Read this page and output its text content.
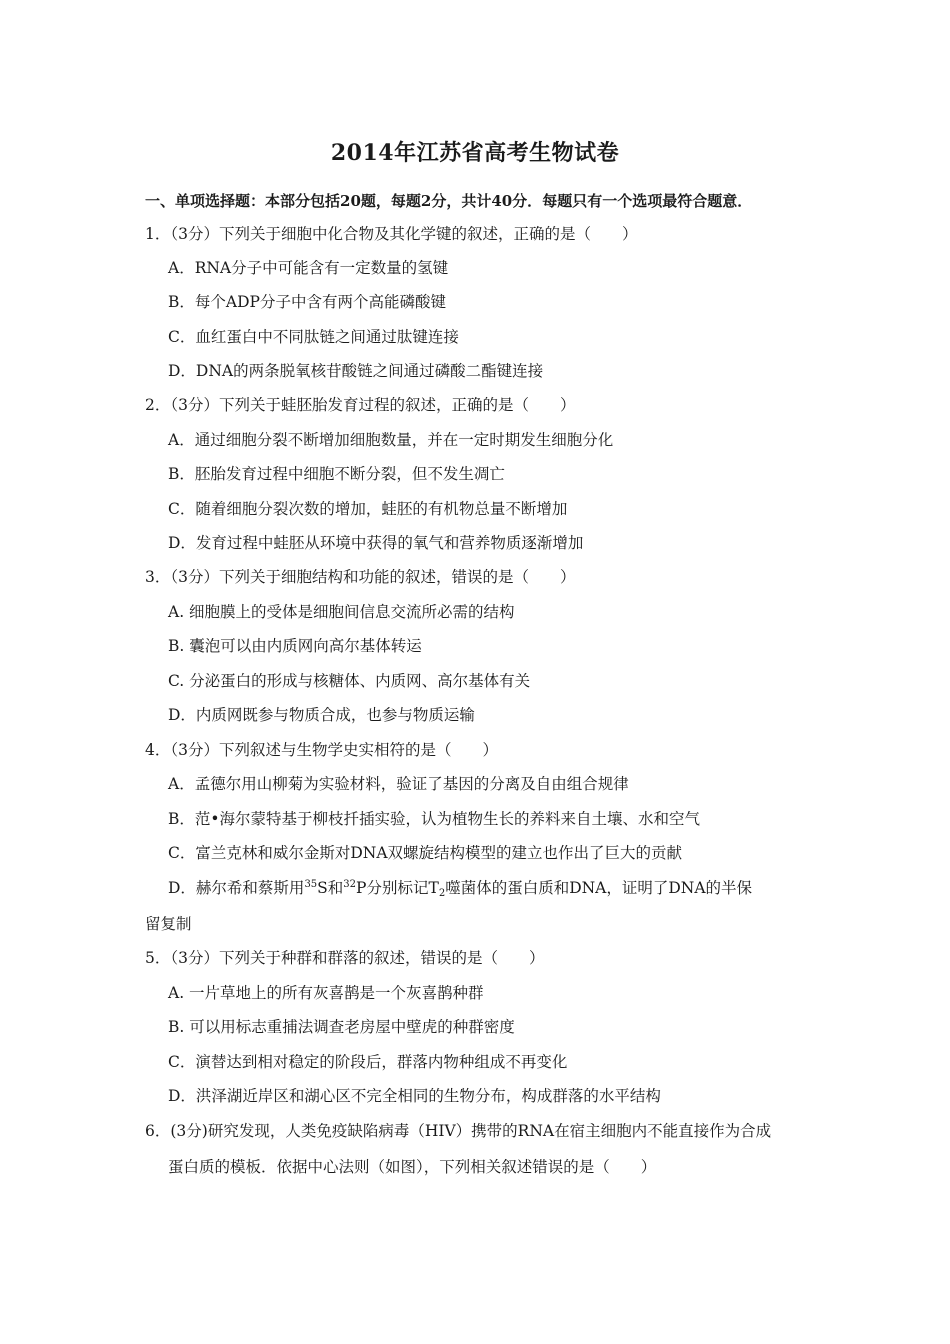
2014年江苏省高考生物试卷
一、单项选择题：本部分包括20题，每题2分，共计40分．每题只有一个选项最符合题意．
1．（3分）下列关于细胞中化合物及其化学键的叙述，正确的是（　　）
A．RNA分子中可能含有一定数量的氢键
B．每个ADP分子中含有两个高能磷酸键
C．血红蛋白中不同肽链之间通过肽键连接
D．DNA的两条脱氧核苷酸链之间通过磷酸二酯键连接
2．（3分）下列关于蛙胚胎发育过程的叙述，正确的是（　　）
A．通过细胞分裂不断增加细胞数量，并在一定时期发生细胞分化
B．胚胎发育过程中细胞不断分裂，但不发生凋亡
C．随着细胞分裂次数的增加，蛙胚的有机物总量不断增加
D．发育过程中蛙胚从环境中获得的氧气和营养物质逐渐增加
3．（3分）下列关于细胞结构和功能的叙述，错误的是（　　）
A. 细胞膜上的受体是细胞间信息交流所必需的结构
B. 囊泡可以由内质网向高尔基体转运
C. 分泌蛋白的形成与核糖体、内质网、高尔基体有关
D．内质网既参与物质合成，也参与物质运输
4．（3分）下列叙述与生物学史实相符的是（　　）
A．孟德尔用山柳菊为实验材料，验证了基因的分离及自由组合规律
B．范•海尔蒙特基于柳枝扦插实验，认为植物生长的养料来自土壤、水和空气
C．富兰克林和威尔金斯对DNA双螺旋结构模型的建立也作出了巨大的贡献
D．赫尔希和蔡斯用$^{35}$S和$^{32}$P分别标记$T_2$噬菌体的蛋白质和DNA，证明了DNA的半保
留复制
5．（3分）下列关于种群和群落的叙述，错误的是（　　）
A. 一片草地上的所有灰喜鹊是一个灰喜鹊种群
B. 可以用标志重捕法调查老房屋中壁虎的种群密度
C．演替达到相对稳定的阶段后，群落内物种组成不再变化
D．洪泽湖近岸区和湖心区不完全相同的生物分布，构成群落的水平结构
6．(3分)研究发现，人类免疫缺陷病毒（HIV）携带的RNA在宿主细胞内不能直接作为合成
蛋白质的模板．依据中心法则（如图），下列相关叙述错误的是（　　）
